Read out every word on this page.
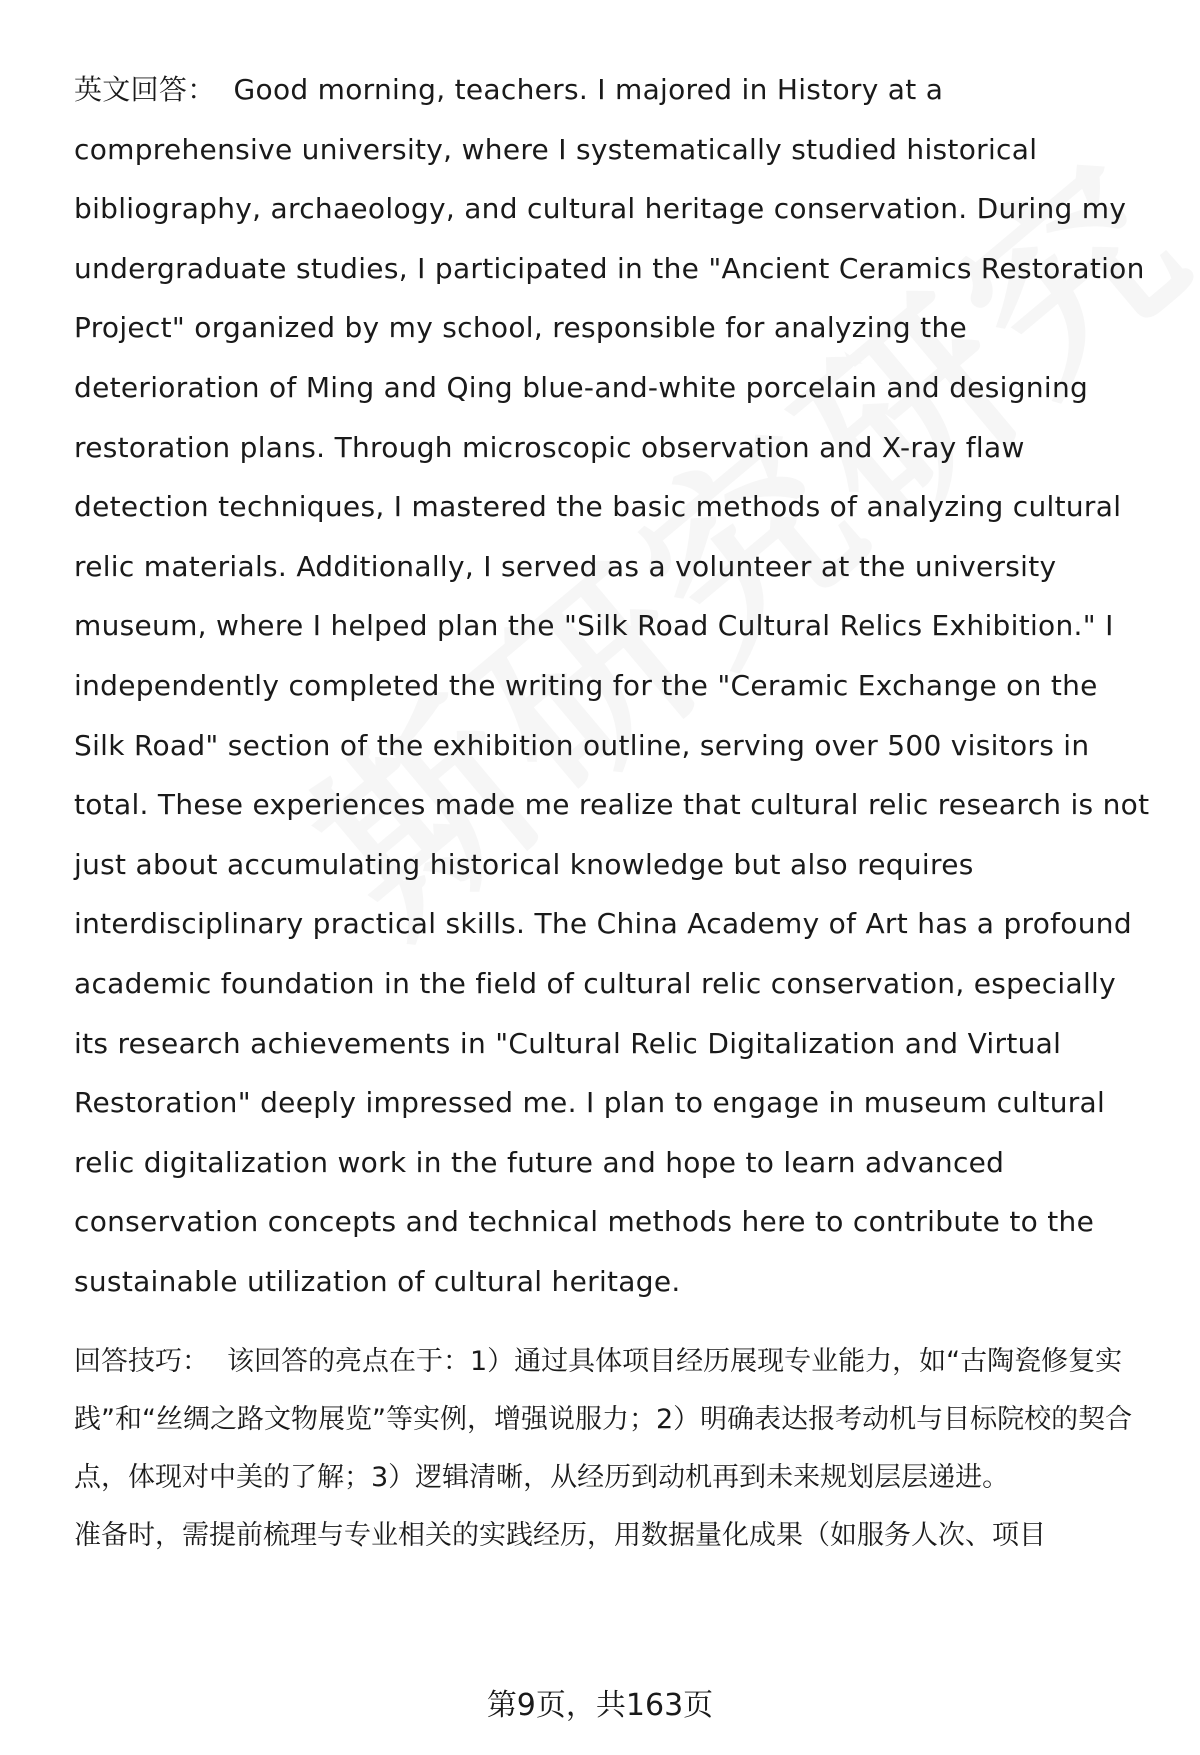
英文回答： Good morning, teachers. I majored in History at a comprehensive university, where I systematically studied historical bibliography, archaeology, and cultural heritage conservation. During my undergraduate studies, I participated in the "Ancient Ceramics Restoration Project" organized by my school, responsible for analyzing the deterioration of Ming and Qing blue-and-white porcelain and designing restoration plans. Through microscopic observation and X-ray flaw detection techniques, I mastered the basic methods of analyzing cultural relic materials. Additionally, I served as a volunteer at the university museum, where I helped plan the "Silk Road Cultural Relics Exhibition." I independently completed the writing for the "Ceramic Exchange on the Silk Road" section of the exhibition outline, serving over 500 visitors in total. These experiences made me realize that cultural relic research is not just about accumulating historical knowledge but also requires interdisciplinary practical skills. The China Academy of Art has a profound academic foundation in the field of cultural relic conservation, especially its research achievements in "Cultural Relic Digitalization and Virtual Restoration" deeply impressed me. I plan to engage in museum cultural relic digitalization work in the future and hope to learn advanced conservation concepts and technical methods here to contribute to the sustainable utilization of cultural heritage.

回答技巧： 该回答的亮点在于：1）通过具体项目经历展现专业能力，如“古陶瓷修复实践”和“丝绸之路文物展览”等实例，增强说服力；2）明确表达报考动机与目标院校的契合点，体现对中美的了解；3）逻辑清晰，从经历到动机再到未来规划层层递进。

准备时，需提前梳理与专业相关的实践经历，用数据量化成果（如服务人次、项目

第9页，共163页
